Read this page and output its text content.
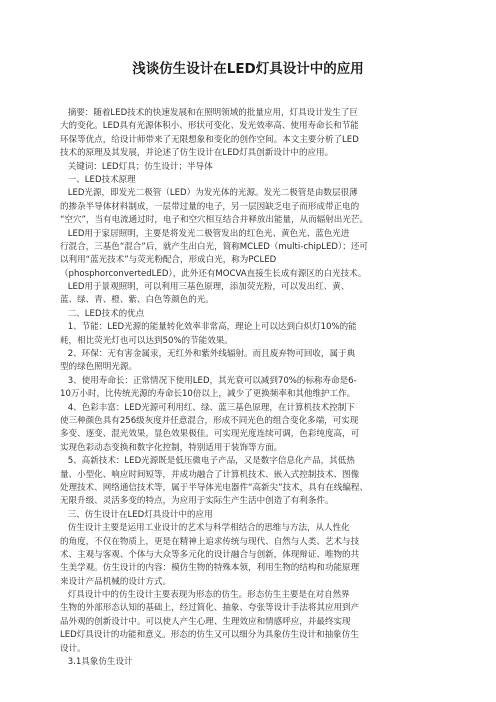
浅谈仿生设计在LED灯具设计中的应用
摘要：随着LED技术的快速发展和在照明领域的批量应用，灯具设计发生了巨
大的变化。LED具有光源体积小、形状可变化、发光效率高、使用寿命长和节能
环保等优点，给设计师带来了无限想象和变化的创作空间。本文主要分析了LED
技术的原理及其发展，并论述了仿生设计在LED灯具创新设计中的应用。
关键词：LED灯具；仿生设计；半导体
一、LED技术原理
LED光源，即发光二极管（LED）为发光体的光源。发光二极管是由数层很薄
的掺杂半导体材料制成，一层带过量的电子，另一层因缺乏电子而形成带正电的
“空穴”，当有电流通过时，电子和空穴相互结合并释放出能量，从而辐射出光芒。
LED用于家居照明，主要是将发光二极管发出的红色光、黄色光、蓝色光进
行混合，三基色“混合”后，就产生出白光，简称MCLED（multi-chipLED）；还可
以利用“蓝光技术”与荧光粉配合，形成白光，称为PCLED
（phosphorconvertedLED），此外还有MOCVA直接生长成有源区的白光技术。
LED用于景观照明，可以利用三基色原理，添加荧光粉，可以发出红、黄、
蓝、绿、青、橙、紫、白色等颜色的光。
二、LED技术的优点
1、节能：LED光源的能量转化效率非常高，理论上可以达到白炽灯10%的能
耗，相比荧光灯也可以达到50%的节能效果。
2、环保：无有害金属汞，无红外和紫外线辐射。而且废弃物可回收，属于典
型的绿色照明光源。
3、使用寿命长：正常情况下使用LED，其光衰可以减到70%的标称寿命是6-
10万小时，比传统光源的寿命长10倍以上，减少了更换频率和其他维护工作。
4、色彩丰富：LED光源可利用红、绿、蓝三基色原理，在计算机技术控制下
使三种颜色具有256级灰度并任意混合，形成不同光色的组合变化多端，可实现
多变、逐变、混光效果，显色效果极佳。可实现光度连续可调，色彩纯度高，可
实现色彩动态变换和数字化控制，特别适用于装饰等方面。
5、高新技术：LED光源既是低压微电子产品，又是数字信息化产品，其低热
量、小型化、响应时间短等，并成功融合了计算机技术、嵌入式控制技术、图像
处理技术、网络通信技术等，属于半导体光电器件“高新尖”技术，具有在线编程、
无限升级、灵活多变的特点，为应用于实际生产生活中创造了有利条件。
三、仿生设计在LED灯具设计中的应用
仿生设计主要是运用工业设计的艺术与科学相结合的思维与方法，从人性化
的角度，不仅在物质上，更是在精神上追求传统与现代、自然与人类、艺术与技
术、主观与客观、个体与大众等多元化的设计融合与创新，体现辩证、唯物的共
生美学观。仿生设计的内容：模仿生物的特殊本领，利用生物的结构和功能原理
来设计产品机械的设计方式。
灯具设计中的仿生设计主要表现为形态的仿生。形态仿生主要是在对自然界
生物的外部形态认知的基础上，经过简化、抽象、夸张等设计手法将其应用到产
品外观的创新设计中。可以使人产生心理、生理效应和情感呼应，并最终实现
LED灯具设计的功能和意义。形态的仿生又可以细分为具象仿生设计和抽象仿生
设计。
3.1具象仿生设计
